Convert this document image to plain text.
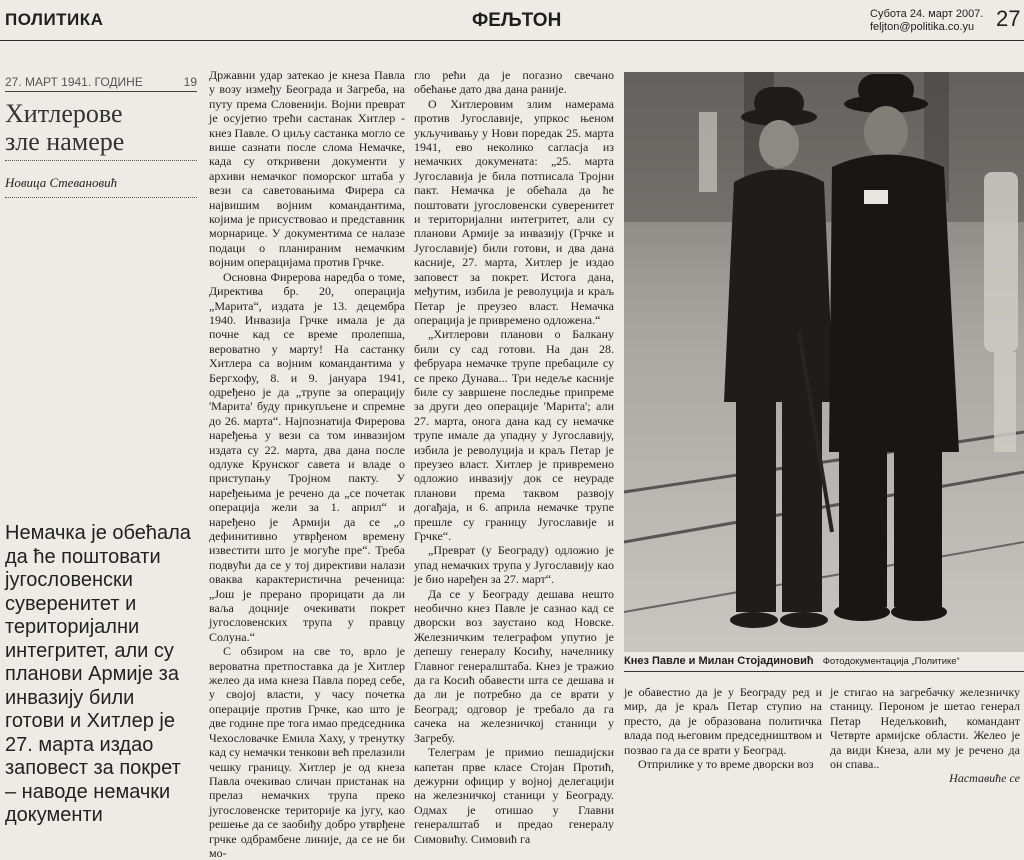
ПОЛИТИКА	ФЕЉТОН	Субота 24. март 2007.
feljton@politika.co.yu 27
27. МАРТ 1941. ГОДИНЕ	19
Хитлерове
зле намере
Новица Стевановић
Немачка је обећала да ће поштовати југословенски суверенитет и територијални интегритет, али су планови Армије за инвазију били готови и Хитлер је 27. марта издао заповест за покрет – наводе немачки документи

Државни удар затекао је кнеза Павла у возу између Београда и Загреба, на путу према Словенији. Војни преврат је осујетио трећи састанак Хитлер - кнез Павле. О циљу састанка могло се више сазнати после слома Немачке, када су откривени документи у архиви немачког поморског штаба у вези са саветовањима Фирера са највишим војним командантима, којима је присуствовао и представник морнарице. У документима се налазе подаци о планираним немачким војним операцијама против Грчке.

Основна Фирерова наредба о томе, Директива бр. 20, операција „Марита“, издата је 13. децембра 1940. Инвазија Грчке имала је да почне кад се време пролепша, вероватно у марту! На састанку Хитлера са војним командантима у Бергхофу, 8. и 9. јануара 1941, одређено је да „трупе за операцију 'Марита' буду прикупљене и спремне до 26. марта“. Најпознатија Фирерова наређења у вези са том инвазијом издата су 22. марта, два дана после одлуке Крунског савета и владе о приступању Тројном пакту. У наређењима је речено да „се почетак операција жели за 1. април“ и наређено је Армији да се „о дефинитивно утврђеном времену известити што је могуће пре“. Треба подвући да се у тој директиви налази оваква карактеристична реченица: „Још је прерано прорицати да ли ваља доцније очекивати покрет југословенских трупа у правцу Солуна.“

С обзиром на све то, врло је вероватна претпоставка да је Хитлер желео да има кнеза Павла поред себе, у својој власти, у часу почетка операције против Грчке, као што је две године пре тога имао председника Чехословачке Емила Хаху, у тренутку кад су немачки тенкови већ прелазили чешку границу. Хитлер је од кнеза Павла очекивао сличан пристанак на прелаз немачких трупа преко југословенске територије ка југу, као решење да се заобиђу добро утврђене грчке одбрамбене линије, да се не би мо-

гло рећи да је погазио свечано обећање дато два дана раније.

О Хитлеровим злим намерама против Југославије, упркос њеном укључивању у Нови поредак 25. марта 1941, ево неколико сагласја из немачких докумената: „25. марта Југославија је била потписала Тројни пакт. Немачка је обећала да ће поштовати југословенски суверенитет и територијални интегритет, али су планови Армије за инвазију (Грчке и Југославије) били готови, и два дана касније, 27. марта, Хитлер је издао заповест за покрет. Истога дана, међутим, избила је револуција и краљ Петар је преузео власт. Немачка операција је привремено одложена.“

„Хитлерови планови о Балкану били су сад готови. На дан 28. фебруара немачке трупе пребациле су се преко Дунава... Три недеље касније биле су завршене последње припреме за други део операције 'Марита'; али 27. марта, онога дана кад су немачке трупе имале да упадну у Југославију, избила је револуција и краљ Петар је преузео власт. Хитлер је привремено одложио инвазију док се неураде планови према таквом развоју догађаја, и 6. априла немачке трупе прешле су границу Југославије и Грчке“.

„Преврат (у Београду) одложио је упад немачких трупа у Југославију као је био наређен за 27. март“.

Да се у Београду дешава нешто необично кнез Павле је сазнао кад се дворски воз заустаио код Новске. Железничким телеграфом упутио је депешу генералу Косићу, начелнику Главног генералштаба. Кнез је тражио да га Косић обавести шта се дешава и да ли је потребно да се врати у Београд; одговор је требало да га сачека на железничкој станици у Загребу.

Телеграм је примио пешадијски капетан прве класе Стојан Протић, дежурни официр у војној делегацији на железничкој станици у Београду. Одмах је отишао у Главни генералштаб и предао генералу Симовићу. Симовић га

Кнез Павле и Милан Стојадиновић Фотодокументација „Политике“

је обавестио да је у Београду ред и мир, да је краљ Петар ступио на престо, да је образована политичка влада под његовим председништвом и позвао га да се врати у Београд.

Отприлике у то време дворски воз

је стигао на загребачку железничку станицу. Пероном је шетао генерал Петар Недељковић, командант Четврте армијске области. Желео је да види Кнеза, али му је речено да он спава..

Наставиће се
